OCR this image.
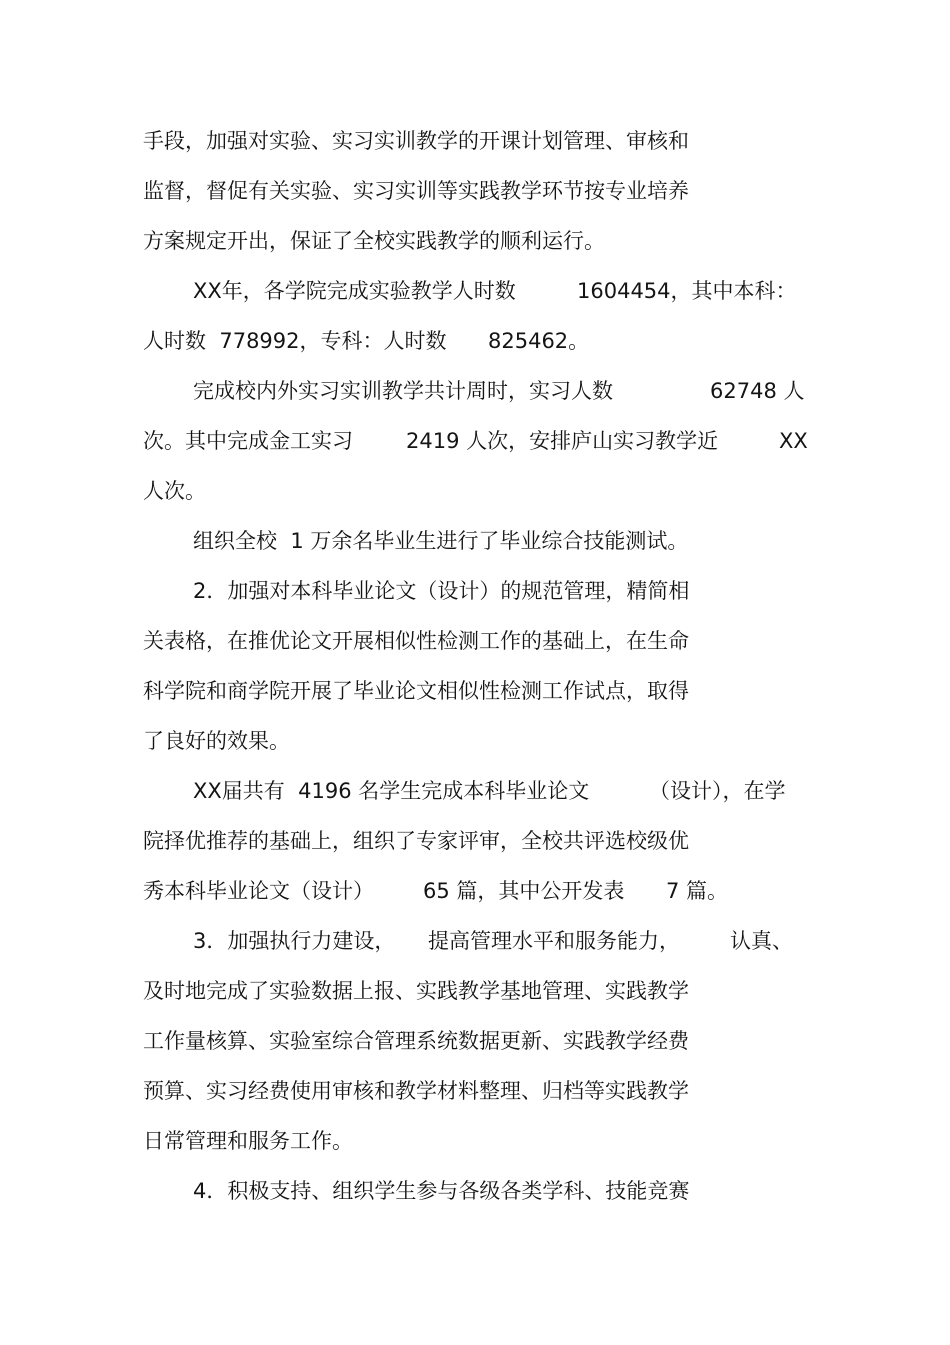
手段，加强对实验、实习实训教学的开课计划管理、审核和
监督，督促有关实验、实习实训等实践教学环节按专业培养
方案规定开出，保证了全校实践教学的顺利运行。

XX年，各学院完成实验教学人时数

	1604454，其中本科：

人时数  778992，专科：人时数

825462。

完成校内外实习实训教学共计周时，实习人数

	62748 人

次。其中完成金工实习

	2419 人次，安排庐山实习教学近

	XX

人次。
组织全校  1 万余名毕业生进行了毕业综合技能测试。
2．加强对本科毕业论文（设计）的规范管理，精简相
关表格，在推优论文开展相似性检测工作的基础上，在生命
科学院和商学院开展了毕业论文相似性检测工作试点，取得
了良好的效果。

XX届共有  4196 名学生完成本科毕业论文

	（设计），在学

院择优推荐的基础上，组织了专家评审，全校共评选校级优

秀本科毕业论文（设计）

65 篇，其中公开发表

7 篇。

3．加强执行力建设，

提高管理水平和服务能力，

认真、

及时地完成了实验数据上报、实践教学基地管理、实践教学
工作量核算、实验室综合管理系统数据更新、实践教学经费
预算、实习经费使用审核和教学材料整理、归档等实践教学
日常管理和服务工作。
4．积极支持、组织学生参与各级各类学科、技能竞赛
